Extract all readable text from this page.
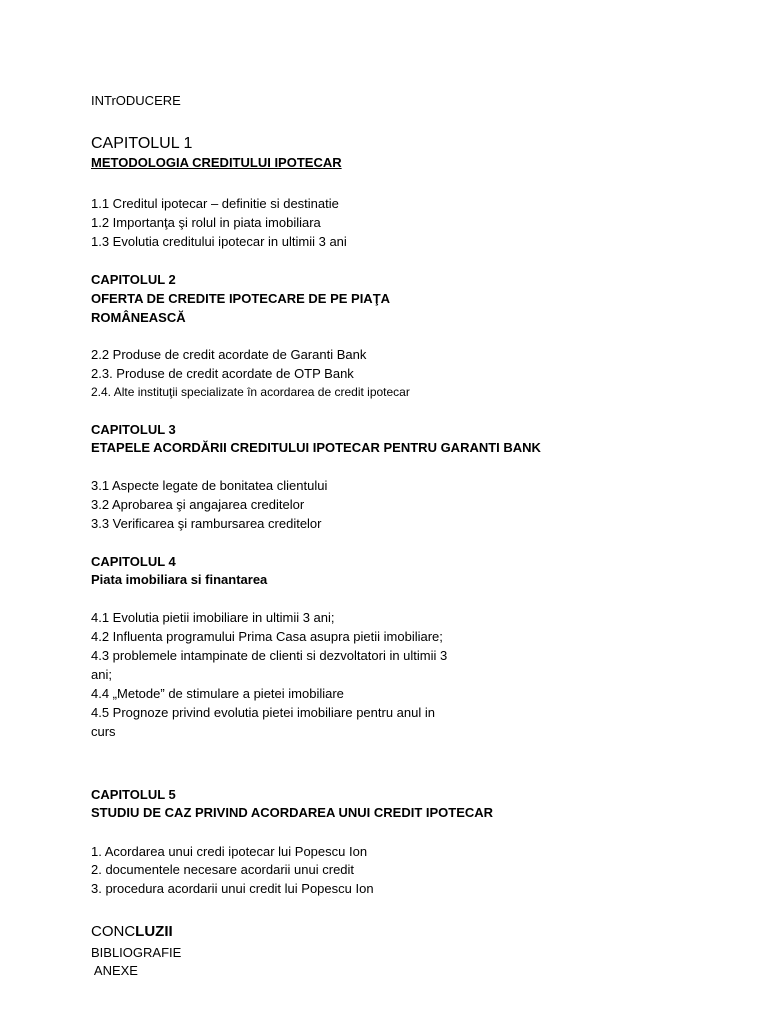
INTrODUCERE
CAPITOLUL 1
METODOLOGIA CREDITULUI IPOTECAR
1.1 Creditul ipotecar – definitie si destinatie
1.2 Importanţa şi rolul in piata imobiliara
1.3 Evolutia creditului ipotecar in ultimii 3 ani
CAPITOLUL 2
OFERTA DE CREDITE IPOTECARE DE PE PIAŢA
ROMÂNEASCĂ
2.2 Produse de credit acordate de Garanti Bank
2.3. Produse de credit acordate de OTP Bank
2.4. Alte instituţii specializate în acordarea de credit ipotecar
CAPITOLUL 3
ETAPELE ACORDĂRII CREDITULUI IPOTECAR PENTRU GARANTI BANK
3.1 Aspecte legate de bonitatea clientului
3.2 Aprobarea şi angajarea creditelor
3.3 Verificarea şi rambursarea creditelor
CAPITOLUL 4
Piata imobiliara si finantarea
4.1 Evolutia pietii imobiliare in ultimii 3 ani;
4.2 Influenta programului Prima Casa asupra pietii imobiliare;
4.3 problemele intampinate de clienti si dezvoltatori in ultimii 3
ani;
4.4 „Metode” de stimulare a pietei imobiliare
4.5 Prognoze privind evolutia pietei imobiliare pentru anul in
curs
CAPITOLUL 5
STUDIU DE CAZ PRIVIND ACORDAREA UNUI CREDIT IPOTECAR
1. Acordarea unui credi ipotecar lui Popescu Ion
2. documentele necesare acordarii unui credit
3. procedura acordarii unui credit lui Popescu Ion
CONCLUZII
BIBLIOGRAFIE
ANEXE
